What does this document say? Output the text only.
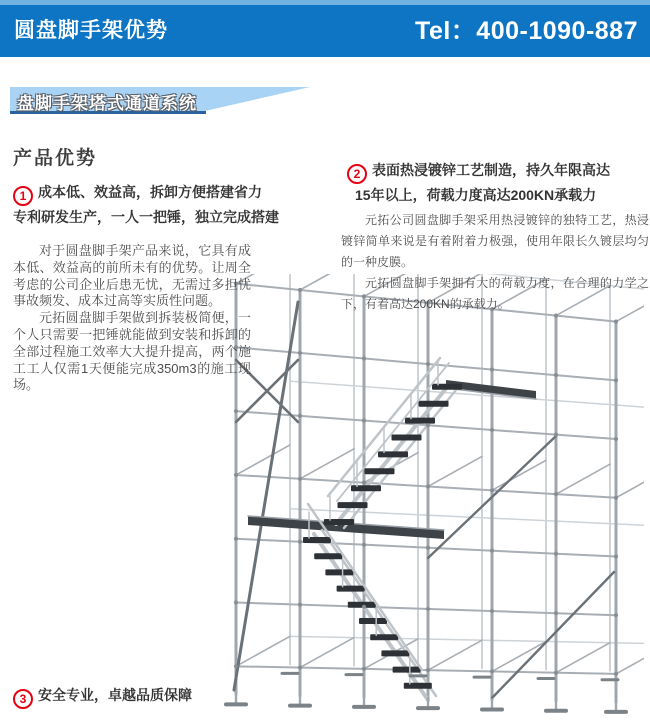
圆盘脚手架优势	Tel：400-1090-887
盘脚手架塔式通道系统
产品优势
1 成本低、效益高，拆卸方便搭建省力
专利研发生产，一人一把锤，独立完成搭建

对于圆盘脚手架产品来说，它具有成本低、效益高的前所未有的优势。让周全考虑的公司企业后患无忧，无需过多担忧事故频发、成本过高等实质性问题。

元拓圆盘脚手架做到拆装极简便，一个人只需要一把锤就能做到安装和拆卸的全部过程施工效率大大提升提高，两个施工工人仅需1天便能完成350m3的施工现场。

2 表面热浸镀锌工艺制造，持久年限高达
15年以上，荷载力度高达200KN承载力

元拓公司圆盘脚手架采用热浸镀锌的独特工艺，热浸镀锌简单来说是有着附着力极强，使用年限长久镀层均匀的一种皮膜。

元拓圆盘脚手架拥有大的荷载力度，在合理的力学之下，有着高达200KN的承载力。

3 安全专业，卓越品质保障
